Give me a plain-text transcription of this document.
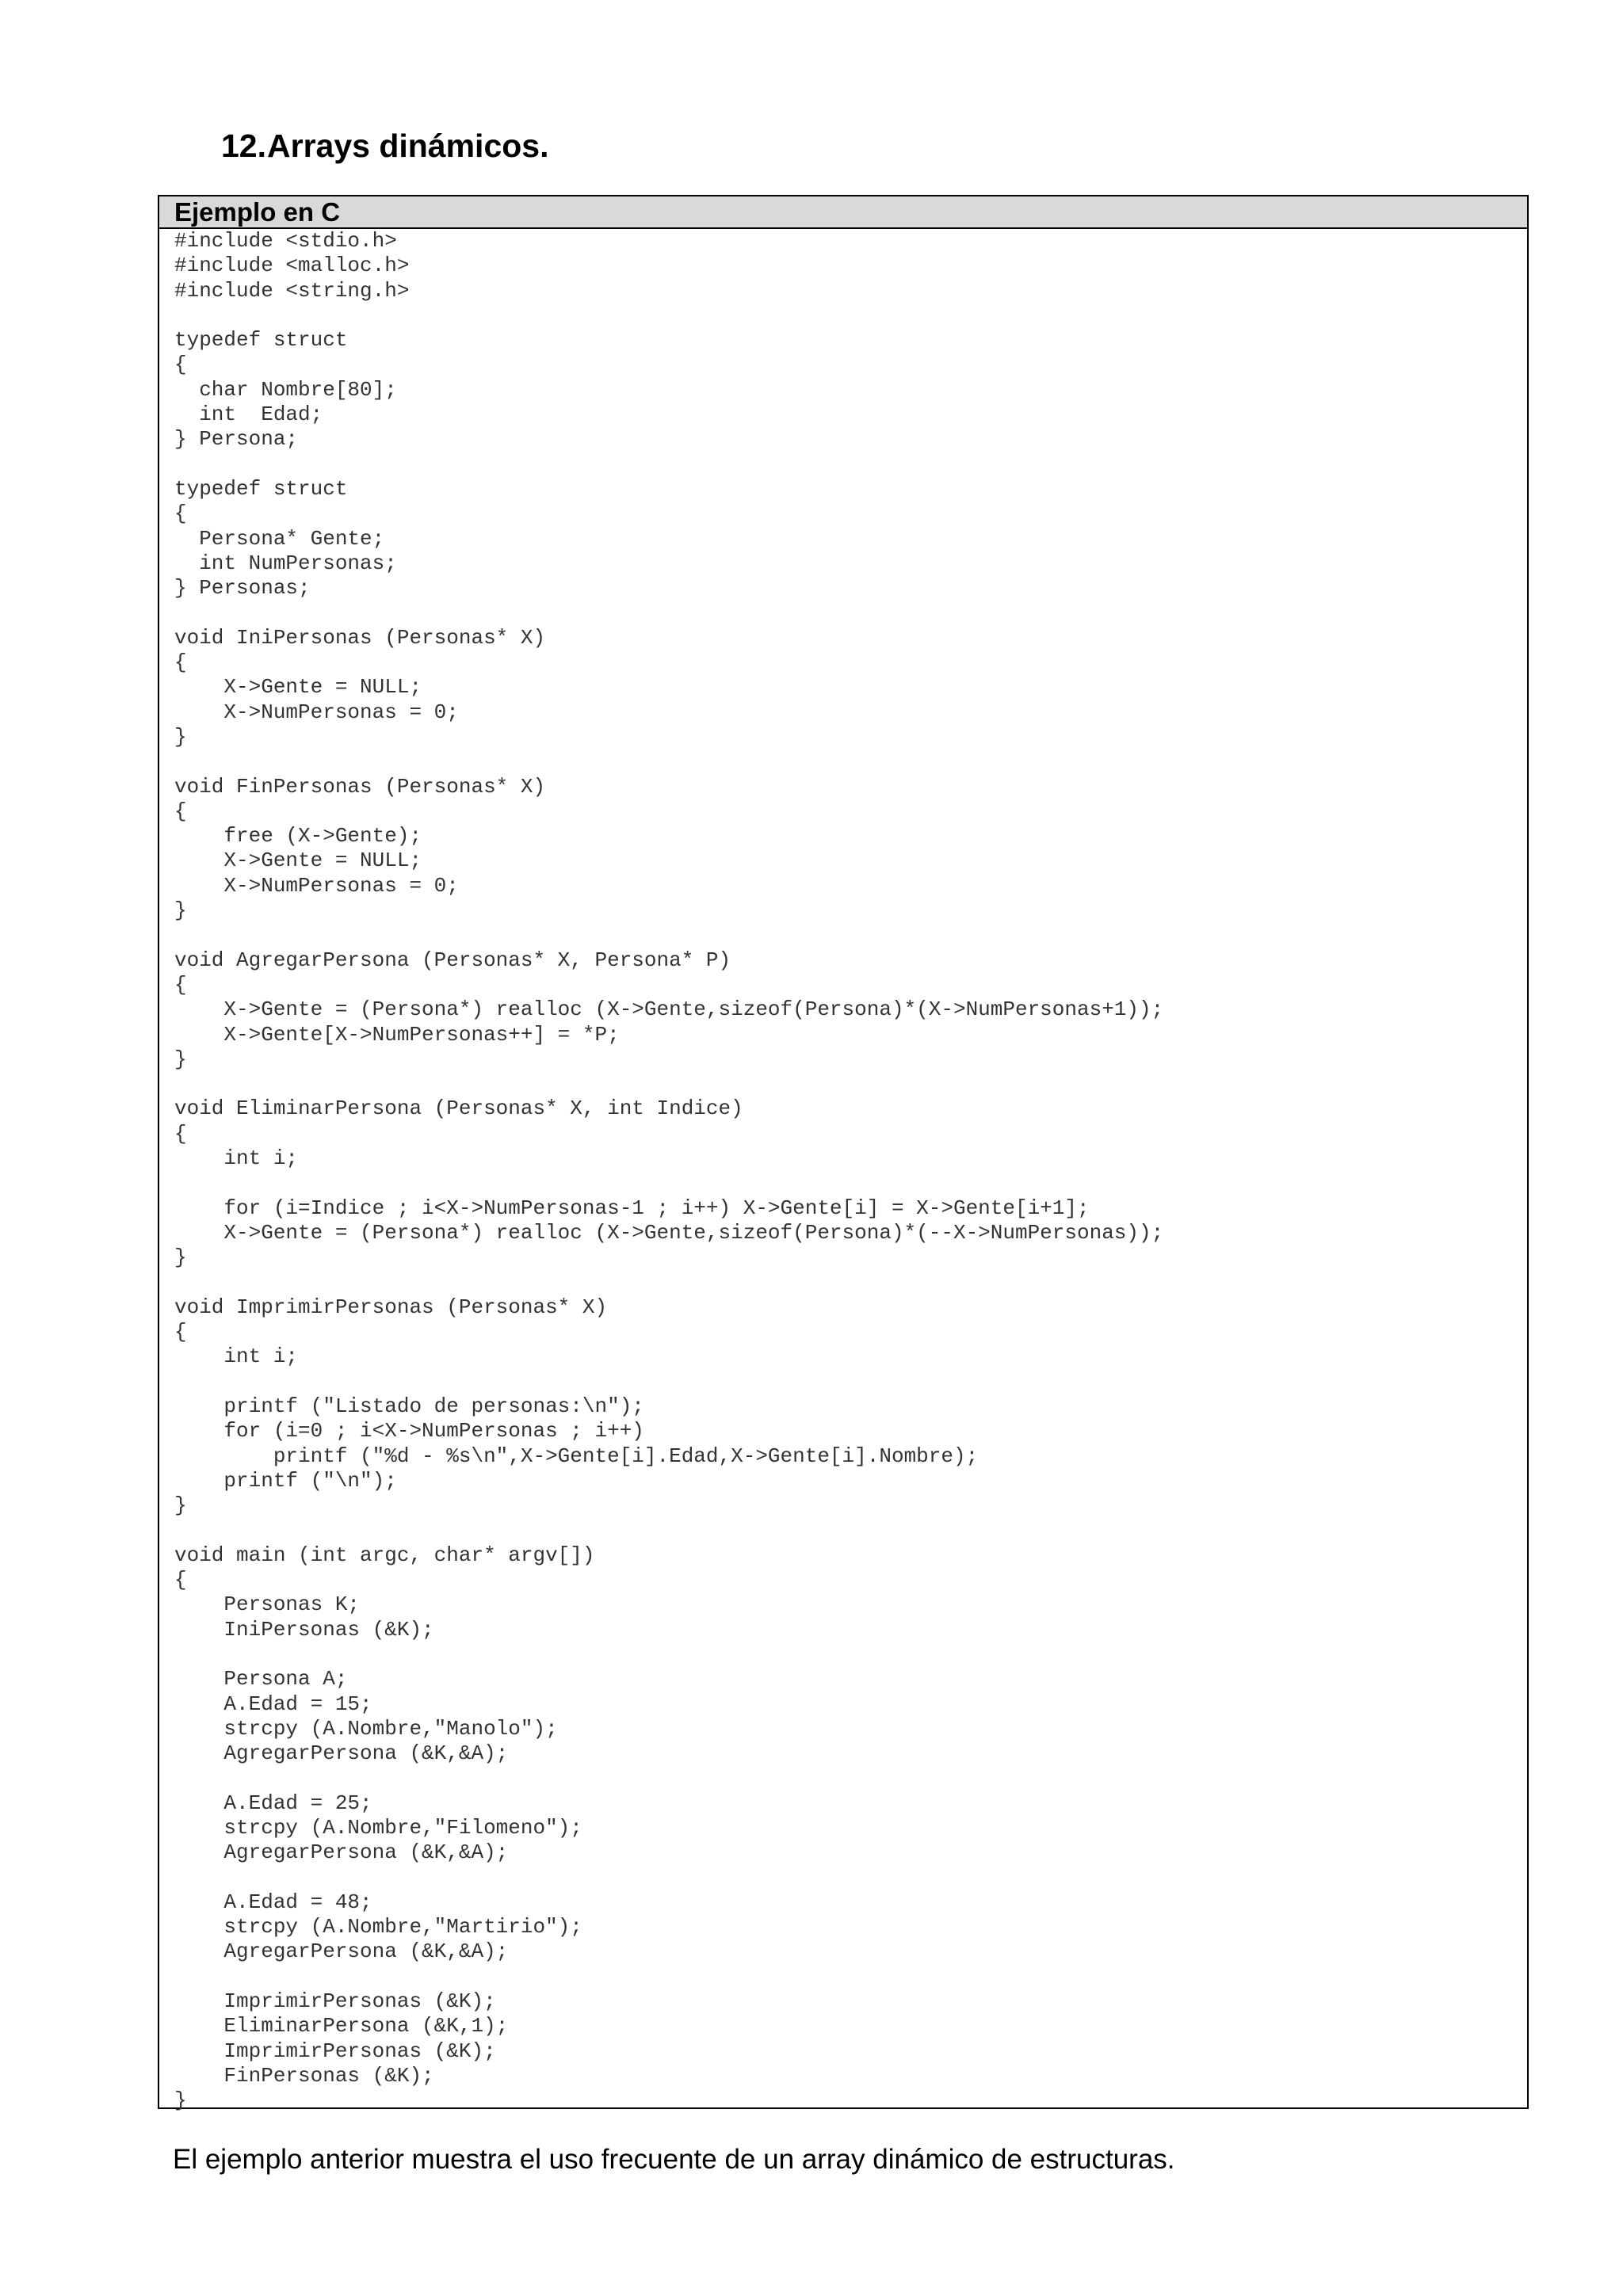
12.Arrays dinámicos.
Ejemplo en C
#include <stdio.h>
#include <malloc.h>
#include <string.h>
typedef struct
{
char Nombre[80];
int  Edad;
} Persona;
typedef struct
{
Persona* Gente;
int NumPersonas;
} Personas;
void IniPersonas (Personas* X)
{
X->Gente = NULL;
X->NumPersonas = 0;
}
void FinPersonas (Personas* X)
{
free (X->Gente);
X->Gente = NULL;
X->NumPersonas = 0;
}
void AgregarPersona (Personas* X, Persona* P)
{
X->Gente = (Persona*) realloc (X->Gente,sizeof(Persona)*(X->NumPersonas+1));
X->Gente[X->NumPersonas++] = *P;
}
void EliminarPersona (Personas* X, int Indice)
{
int i;
for (i=Indice ; i<X->NumPersonas-1 ; i++) X->Gente[i] = X->Gente[i+1];
X->Gente = (Persona*) realloc (X->Gente,sizeof(Persona)*(--X->NumPersonas));
}
void ImprimirPersonas (Personas* X)
{
int i;
printf ("Listado de personas:\n");
for (i=0 ; i<X->NumPersonas ; i++)
printf ("%d - %s\n",X->Gente[i].Edad,X->Gente[i].Nombre);
printf ("\n");
}
void main (int argc, char* argv[])
{
Personas K;
IniPersonas (&K);
Persona A;
A.Edad = 15;
strcpy (A.Nombre,"Manolo");
AgregarPersona (&K,&A);
A.Edad = 25;
strcpy (A.Nombre,"Filomeno");
AgregarPersona (&K,&A);
A.Edad = 48;
strcpy (A.Nombre,"Martirio");
AgregarPersona (&K,&A);
ImprimirPersonas (&K);
EliminarPersona (&K,1);
ImprimirPersonas (&K);
FinPersonas (&K);
}

El ejemplo anterior muestra el uso frecuente de un array dinámico de estructuras.
